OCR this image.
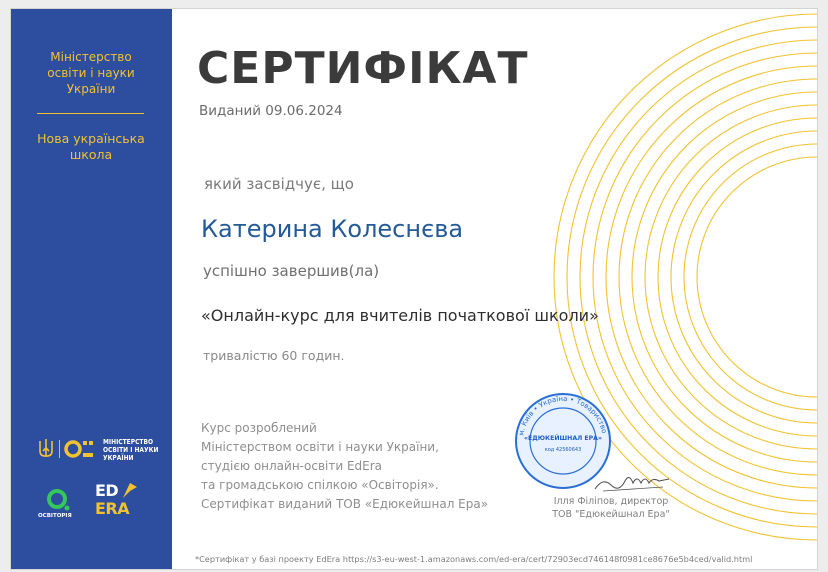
Міністерство
освіти і науки
України
Нова українська
школа
МІНІСТЕРСТВО
ОСВІТИ І НАУКИ
УКРАЇНИ
ОСВІТОРІЯ
ED
ERA
СЕРТИФІКАТ
Виданий 09.06.2024
який засвідчує, що
Катерина Колеснєва
успішно завершив(ла)
«Онлайн-курс для вчителів початкової школи»
тривалістю 60 годин.
Курс розроблений
Міністерством освіти і науки України,
студією онлайн-освіти EdEra
та громадською спілкою «Освіторія».
Сертифікат виданий ТОВ «Едюкейшнал Ера»
м. Київ • Україна • Товариство
«ЕДЮКЕЙШНАЛ ЕРА»
код 42560643
Ілля Філіпов, директор
ТОВ "Едюкейшнал Ера"
*Сертифікат у базі проекту EdEra https://s3-eu-west-1.amazonaws.com/ed-era/cert/72903ecd746148f0981ce8676e5b4ced/valid.html
